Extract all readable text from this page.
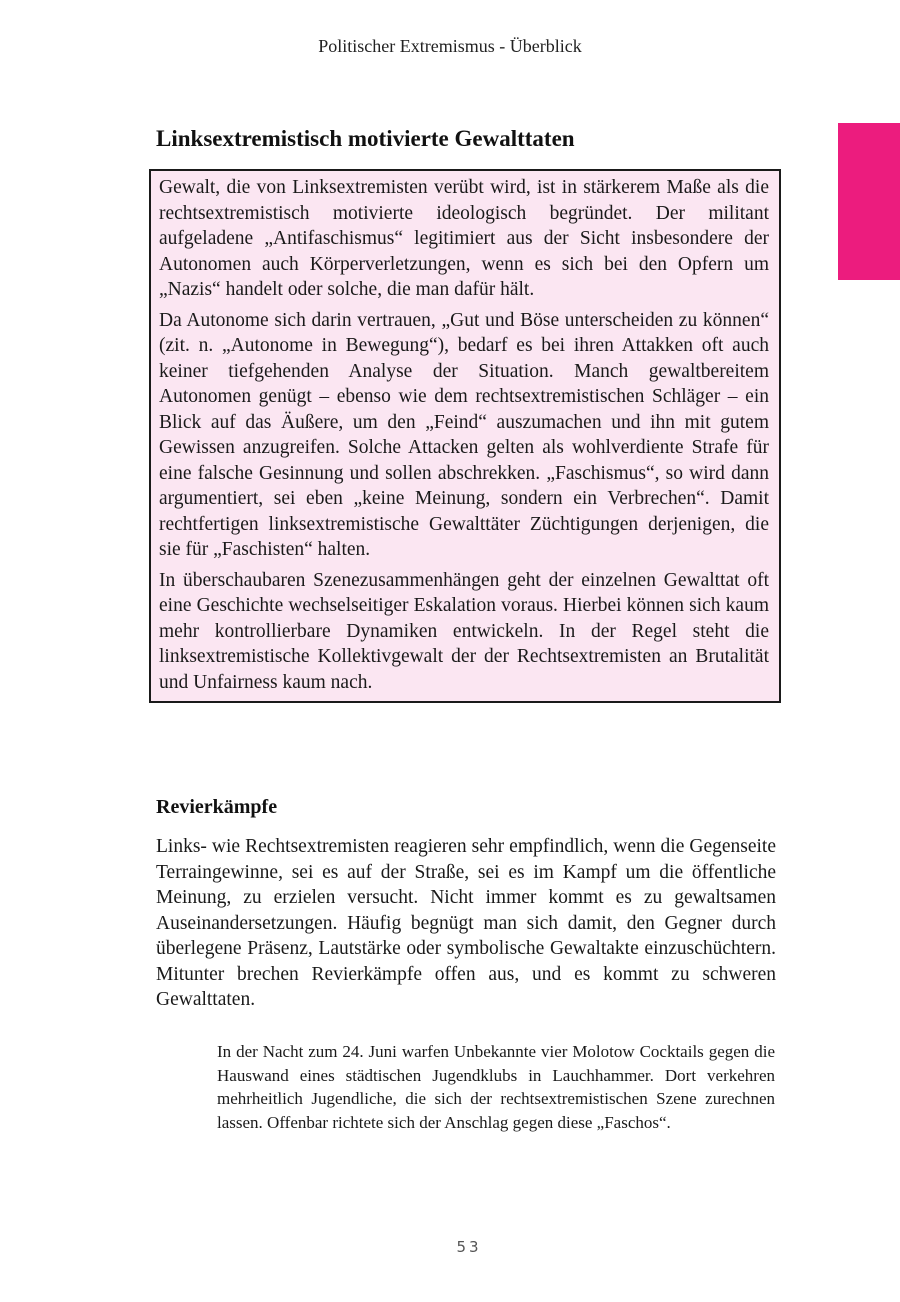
Politischer Extremismus - Überblick
Linksextremistisch motivierte Gewalttaten

Gewalt, die von Linksextremisten verübt wird, ist in stärkerem Maße als die rechtsextremistisch motivierte ideologisch begründet. Der militant aufgeladene „Antifaschismus“ legitimiert aus der Sicht insbesondere der Autonomen auch Körperverletzungen, wenn es sich bei den Opfern um „Nazis“ handelt oder solche, die man dafür hält.

Da Autonome sich darin vertrauen, „Gut und Böse unterscheiden zu können“ (zit. n. „Autonome in Bewegung“), bedarf es bei ihren Attakken oft auch keiner tiefgehenden Analyse der Situation. Manch gewaltbereitem Autonomen genügt – ebenso wie dem rechtsextremistischen Schläger – ein Blick auf das Äußere, um den „Feind“ auszumachen und ihn mit gutem Gewissen anzugreifen. Solche Attacken gelten als wohlverdiente Strafe für eine falsche Gesinnung und sollen abschrekken. „Faschismus“, so wird dann argumentiert, sei eben „keine Meinung, sondern ein Verbrechen“. Damit rechtfertigen linksextremistische Gewalttäter Züchtigungen derjenigen, die sie für „Faschisten“ halten.

In überschaubaren Szenezusammenhängen geht der einzelnen Gewalttat oft eine Geschichte wechselseitiger Eskalation voraus. Hierbei können sich kaum mehr kontrollierbare Dynamiken entwickeln. In der Regel steht die linksextremistische Kollektivgewalt der der Rechtsextremisten an Brutalität und Unfairness kaum nach.

Revierkämpfe

Links- wie Rechtsextremisten reagieren sehr empfindlich, wenn die Gegenseite Terraingewinne, sei es auf der Straße, sei es im Kampf um die öffentliche Meinung, zu erzielen versucht. Nicht immer kommt es zu gewaltsamen Auseinandersetzungen. Häufig begnügt man sich damit, den Gegner durch überlegene Präsenz, Lautstärke oder symbolische Gewaltakte einzuschüchtern. Mitunter brechen Revierkämpfe offen aus, und es kommt zu schweren Gewalttaten.

In der Nacht zum 24. Juni warfen Unbekannte vier Molotow Cocktails gegen die Hauswand eines städtischen Jugendklubs in Lauchhammer. Dort verkehren mehrheitlich Jugendliche, die sich der rechtsextremistischen Szene zurechnen lassen. Offenbar richtete sich der Anschlag gegen diese „Faschos“.

53
